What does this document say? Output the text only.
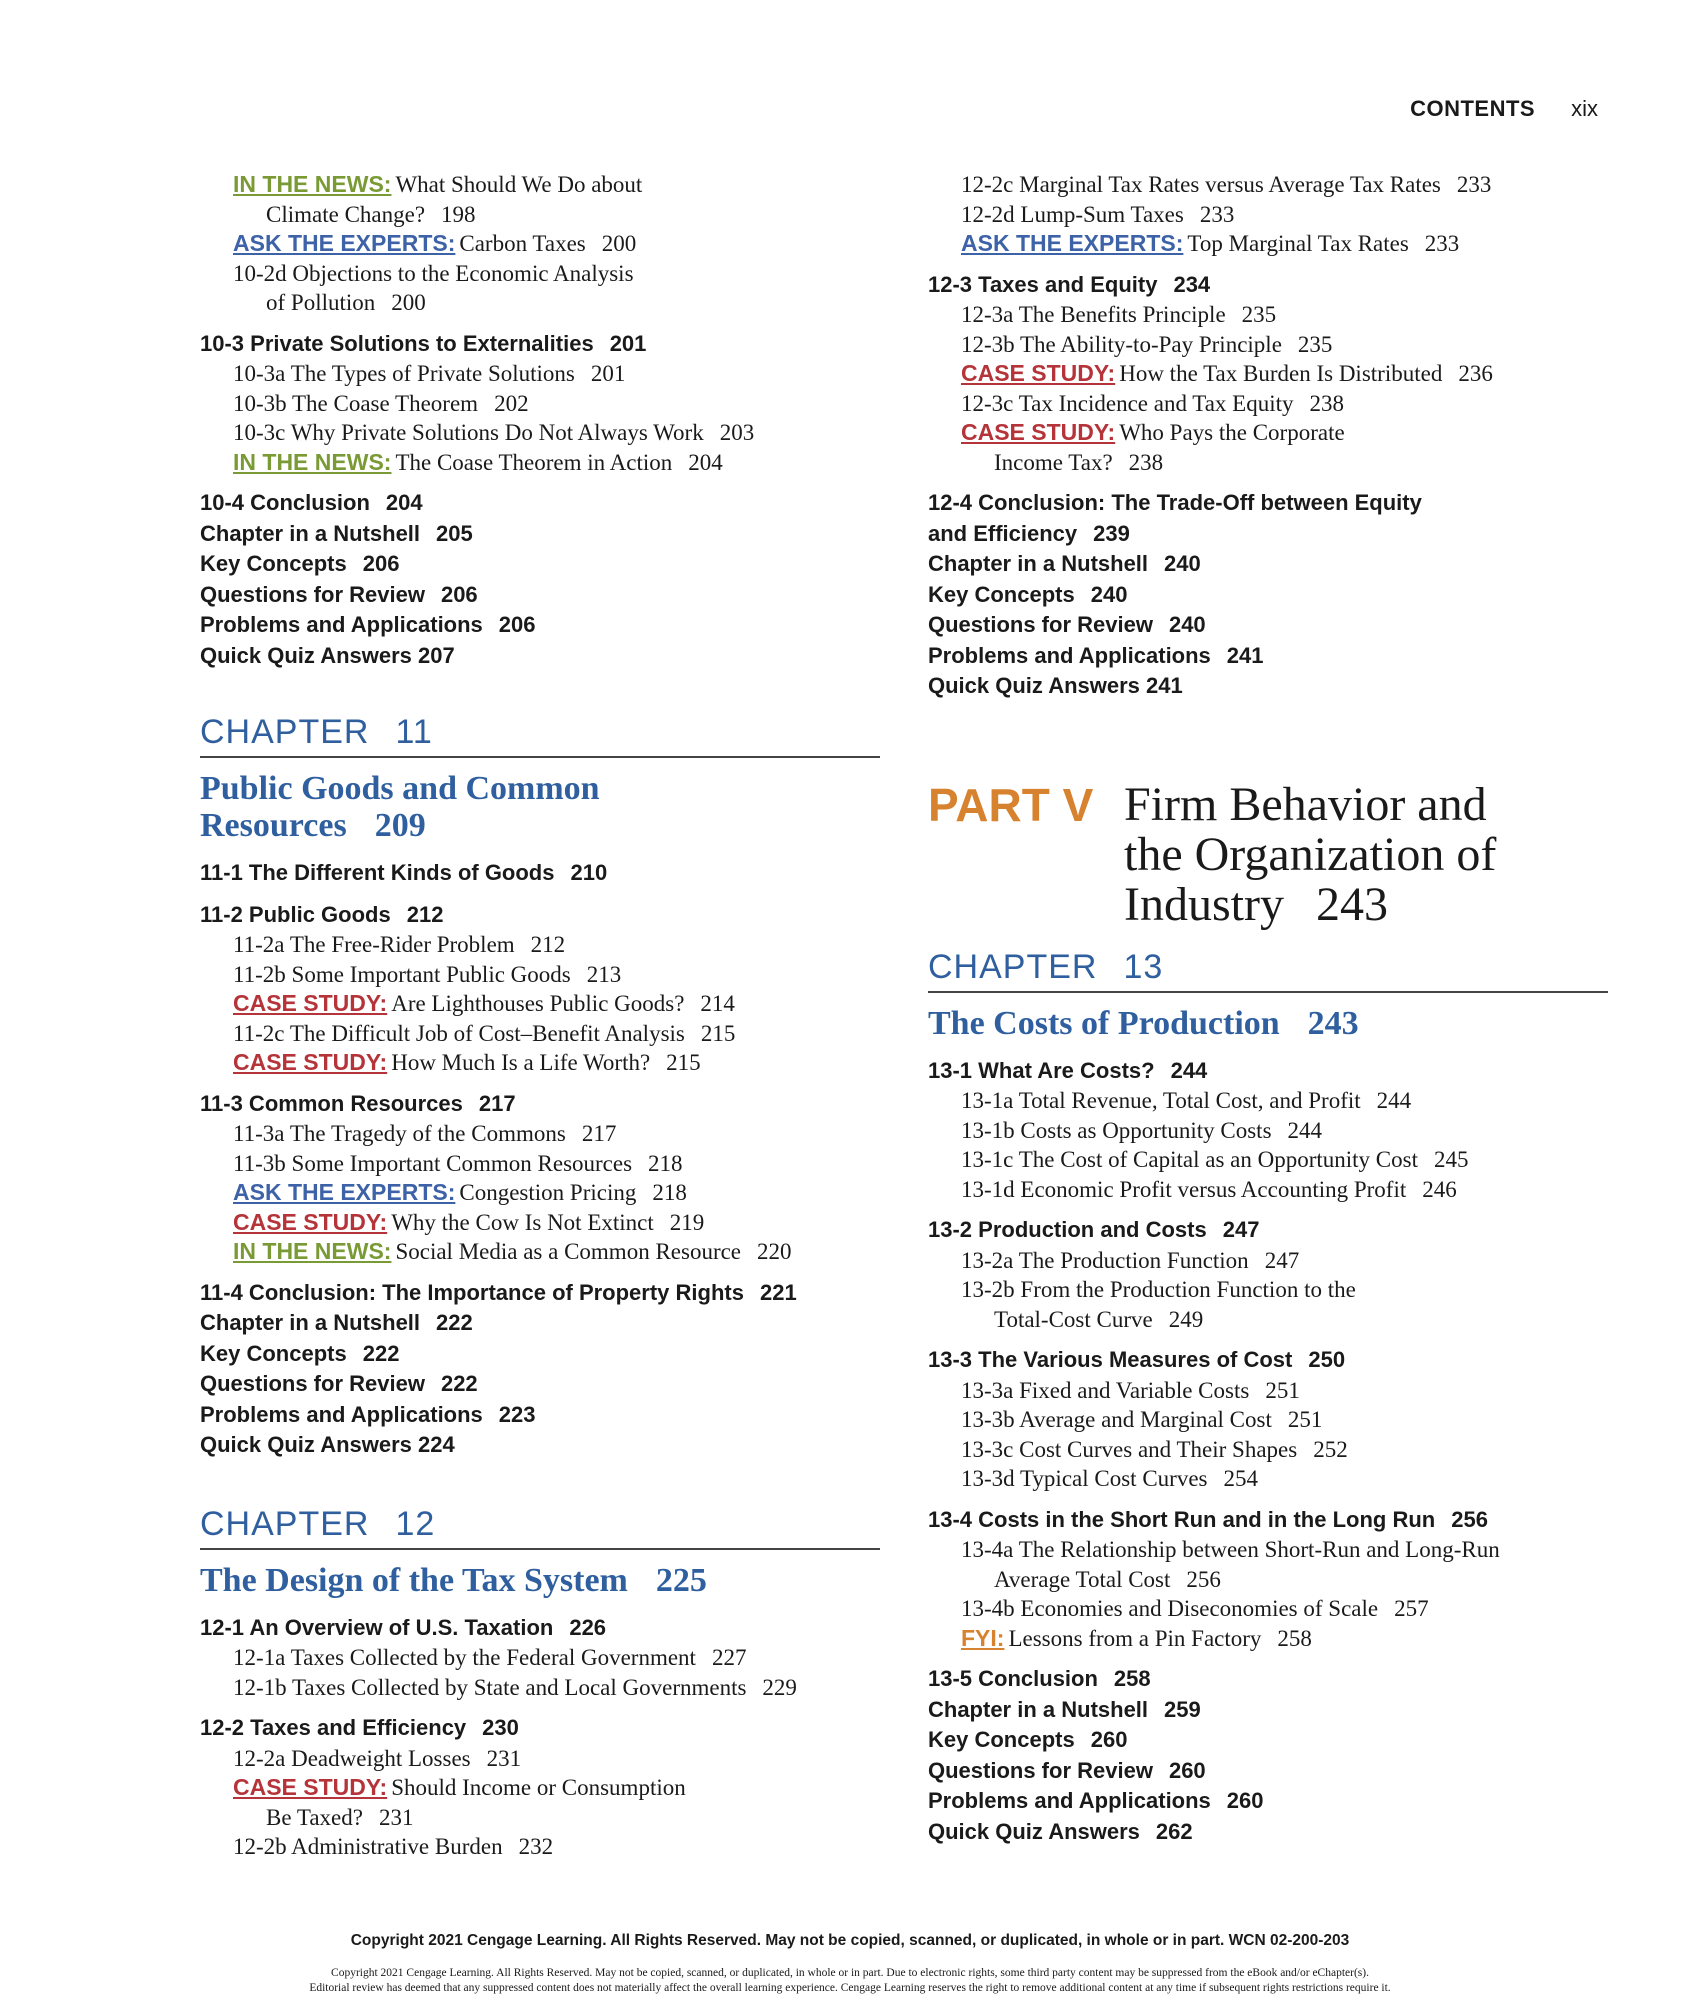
CONTENTS xix
IN THE NEWS: What Should We Do about
Climate Change? 198
ASK THE EXPERTS: Carbon Taxes 200
10-2d Objections to the Economic Analysis
of Pollution 200
10-3 Private Solutions to Externalities 201
10-3a The Types of Private Solutions 201
10-3b The Coase Theorem 202
10-3c Why Private Solutions Do Not Always Work 203
IN THE NEWS: The Coase Theorem in Action 204
10-4 Conclusion 204
Chapter in a Nutshell 205
Key Concepts 206
Questions for Review 206
Problems and Applications 206
Quick Quiz Answers 207
CHAPTER 11
Public Goods and Common
Resources 209
11-1 The Different Kinds of Goods 210
11-2 Public Goods 212
11-2a The Free-Rider Problem 212
11-2b Some Important Public Goods 213
CASE STUDY: Are Lighthouses Public Goods? 214
11-2c The Difficult Job of Cost–Benefit Analysis 215
CASE STUDY: How Much Is a Life Worth? 215
11-3 Common Resources 217
11-3a The Tragedy of the Commons 217
11-3b Some Important Common Resources 218
ASK THE EXPERTS: Congestion Pricing 218
CASE STUDY: Why the Cow Is Not Extinct 219
IN THE NEWS: Social Media as a Common Resource 220
11-4 Conclusion: The Importance of Property Rights 221
Chapter in a Nutshell 222
Key Concepts 222
Questions for Review 222
Problems and Applications 223
Quick Quiz Answers 224
CHAPTER 12
The Design of the Tax System 225
12-1 An Overview of U.S. Taxation 226
12-1a Taxes Collected by the Federal Government 227
12-1b Taxes Collected by State and Local Governments 229
12-2 Taxes and Efficiency 230
12-2a Deadweight Losses 231
CASE STUDY: Should Income or Consumption
Be Taxed? 231
12-2b Administrative Burden 232
12-2c Marginal Tax Rates versus Average Tax Rates 233
12-2d Lump-Sum Taxes 233
ASK THE EXPERTS: Top Marginal Tax Rates 233
12-3 Taxes and Equity 234
12-3a The Benefits Principle 235
12-3b The Ability-to-Pay Principle 235
CASE STUDY: How the Tax Burden Is Distributed 236
12-3c Tax Incidence and Tax Equity 238
CASE STUDY: Who Pays the Corporate
Income Tax? 238
12-4 Conclusion: The Trade-Off between Equity
and Efficiency 239
Chapter in a Nutshell 240
Key Concepts 240
Questions for Review 240
Problems and Applications 241
Quick Quiz Answers 241
PART V Firm Behavior and
the Organization of
Industry 243
CHAPTER 13
The Costs of Production 243
13-1 What Are Costs? 244
13-1a Total Revenue, Total Cost, and Profit 244
13-1b Costs as Opportunity Costs 244
13-1c The Cost of Capital as an Opportunity Cost 245
13-1d Economic Profit versus Accounting Profit 246
13-2 Production and Costs 247
13-2a The Production Function 247
13-2b From the Production Function to the
Total-Cost Curve 249
13-3 The Various Measures of Cost 250
13-3a Fixed and Variable Costs 251
13-3b Average and Marginal Cost 251
13-3c Cost Curves and Their Shapes 252
13-3d Typical Cost Curves 254
13-4 Costs in the Short Run and in the Long Run 256
13-4a The Relationship between Short-Run and Long-Run
Average Total Cost 256
13-4b Economies and Diseconomies of Scale 257
FYI: Lessons from a Pin Factory 258
13-5 Conclusion 258
Chapter in a Nutshell 259
Key Concepts 260
Questions for Review 260
Problems and Applications 260
Quick Quiz Answers 262
Copyright 2021 Cengage Learning. All Rights Reserved. May not be copied, scanned, or duplicated, in whole or in part. WCN 02-200-203
Copyright 2021 Cengage Learning. All Rights Reserved. May not be copied, scanned, or duplicated, in whole or in part. Due to electronic rights, some third party content may be suppressed from the eBook and/or eChapter(s).
Editorial review has deemed that any suppressed content does not materially affect the overall learning experience. Cengage Learning reserves the right to remove additional content at any time if subsequent rights restrictions require it.
